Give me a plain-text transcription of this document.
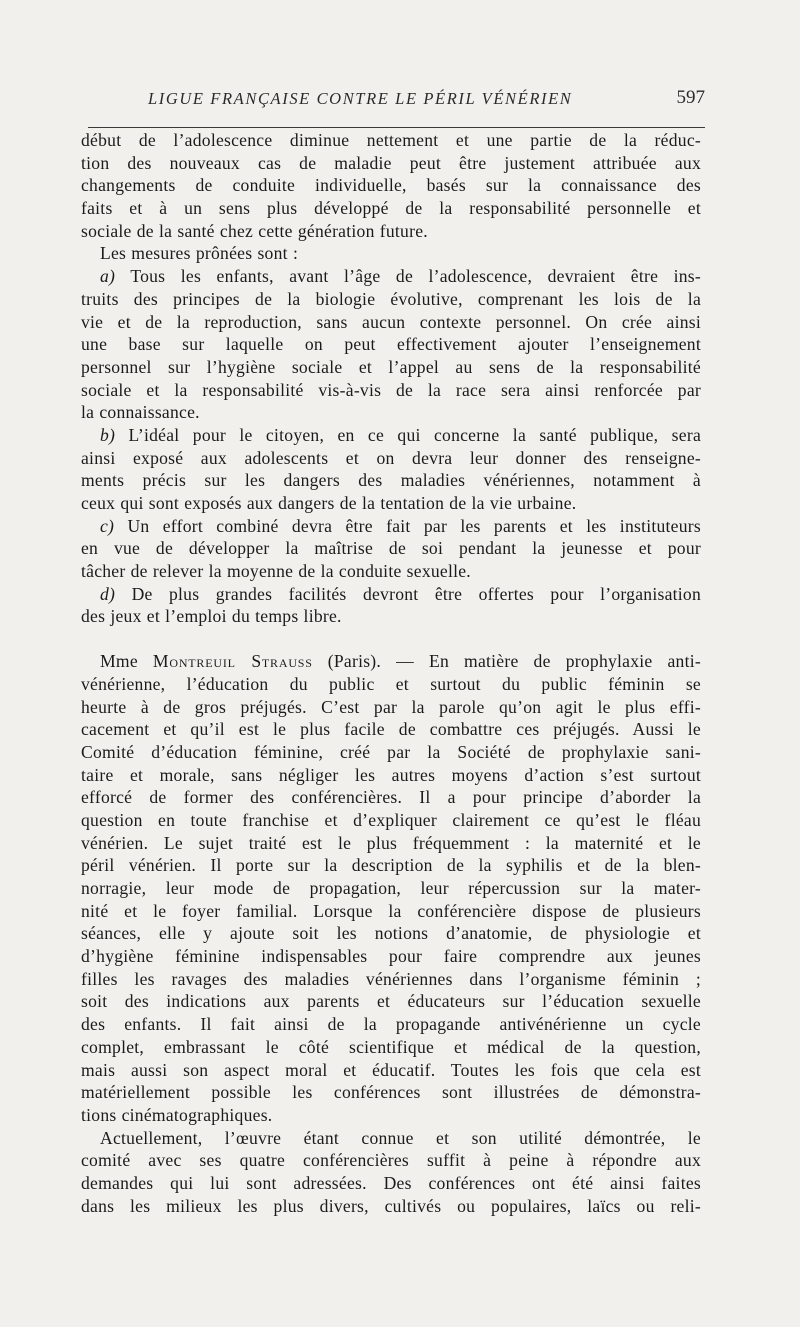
LIGUE FRANÇAISE CONTRE LE PÉRIL VÉNÉRIEN	597
début de l’adolescence diminue nettement et une partie de la réduc-
tion des nouveaux cas de maladie peut être justement attribuée aux
changements de conduite individuelle, basés sur la connaissance des
faits et à un sens plus développé de la responsabilité personnelle et
sociale de la santé chez cette génération future.
Les mesures prônées sont :
a) Tous les enfants, avant l’âge de l’adolescence, devraient être ins-
truits des principes de la biologie évolutive, comprenant les lois de la
vie et de la reproduction, sans aucun contexte personnel. On crée ainsi
une base sur laquelle on peut effectivement ajouter l’enseignement
personnel sur l’hygiène sociale et l’appel au sens de la responsabilité
sociale et la responsabilité vis-à-vis de la race sera ainsi renforcée par
la connaissance.
b) L’idéal pour le citoyen, en ce qui concerne la santé publique, sera
ainsi exposé aux adolescents et on devra leur donner des renseigne-
ments précis sur les dangers des maladies vénériennes, notamment à
ceux qui sont exposés aux dangers de la tentation de la vie urbaine.
c) Un effort combiné devra être fait par les parents et les instituteurs
en vue de développer la maîtrise de soi pendant la jeunesse et pour
tâcher de relever la moyenne de la conduite sexuelle.
d) De plus grandes facilités devront être offertes pour l’organisation
des jeux et l’emploi du temps libre.
Mme Montreuil Strauss (Paris). — En matière de prophylaxie anti-
vénérienne, l’éducation du public et surtout du public féminin se
heurte à de gros préjugés. C’est par la parole qu’on agit le plus effi-
cacement et qu’il est le plus facile de combattre ces préjugés. Aussi le
Comité d’éducation féminine, créé par la Société de prophylaxie sani-
taire et morale, sans négliger les autres moyens d’action s’est surtout
efforcé de former des conférencières. Il a pour principe d’aborder la
question en toute franchise et d’expliquer clairement ce qu’est le fléau
vénérien. Le sujet traité est le plus fréquemment : la maternité et le
péril vénérien. Il porte sur la description de la syphilis et de la blen-
norragie, leur mode de propagation, leur répercussion sur la mater-
nité et le foyer familial. Lorsque la conférencière dispose de plusieurs
séances, elle y ajoute soit les notions d’anatomie, de physiologie et
d’hygiène féminine indispensables pour faire comprendre aux jeunes
filles les ravages des maladies vénériennes dans l’organisme féminin ;
soit des indications aux parents et éducateurs sur l’éducation sexuelle
des enfants. Il fait ainsi de la propagande antivénérienne un cycle
complet, embrassant le côté scientifique et médical de la question,
mais aussi son aspect moral et éducatif. Toutes les fois que cela est
matériellement possible les conférences sont illustrées de démonstra-
tions cinématographiques.
Actuellement, l’œuvre étant connue et son utilité démontrée, le
comité avec ses quatre conférencières suffit à peine à répondre aux
demandes qui lui sont adressées. Des conférences ont été ainsi faites
dans les milieux les plus divers, cultivés ou populaires, laïcs ou reli-
